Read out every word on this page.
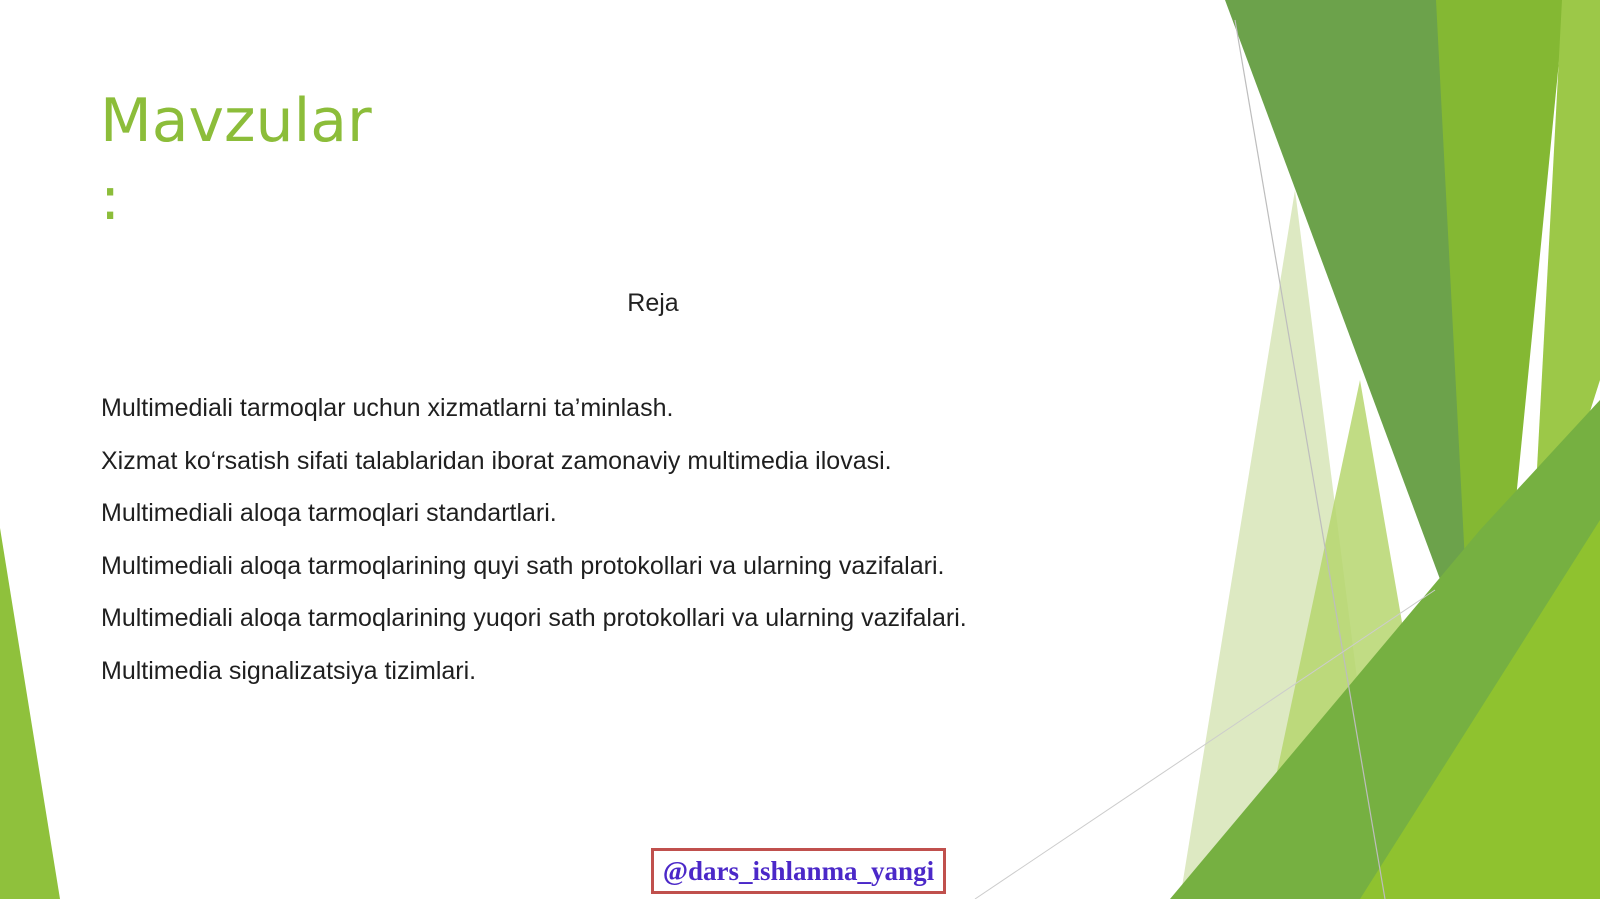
Mavzular
:
Reja
Multimediali tarmoqlar uchun xizmatlarni ta’minlash.
Xizmat ko‘rsatish sifati talablaridan iborat zamonaviy multimedia ilovasi.
Multimediali aloqa tarmoqlari standartlari.
Multimediali aloqa tarmoqlarining quyi sath protokollari va ularning vazifalari.
Multimediali aloqa tarmoqlarining yuqori sath protokollari va ularning vazifalari.
Multimedia signalizatsiya tizimlari.
@dars_ishlanma_yangi
